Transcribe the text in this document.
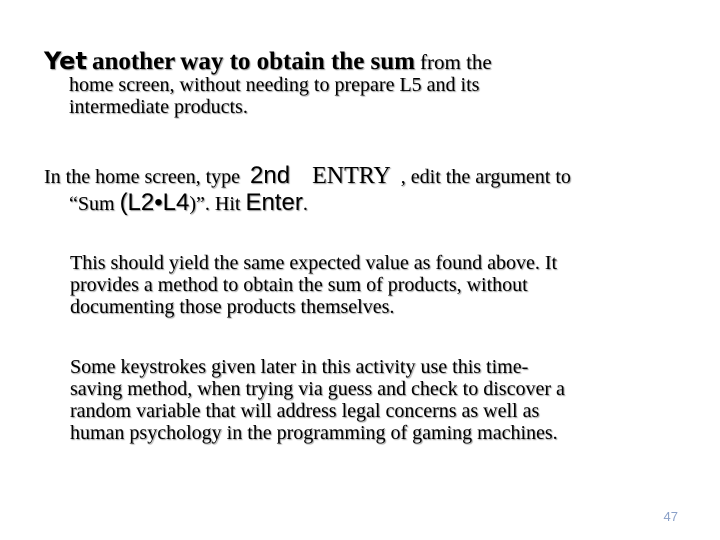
Yet another way to obtain the sum from the
home screen, without needing to prepare L5 and its
intermediate products.
In the home screen, type 2nd ENTRY , edit the argument to
“Sum (L2•L4)”. Hit Enter.
This should yield the same expected value as found above. It
provides a method to obtain the sum of products, without
documenting those products themselves.
Some keystrokes given later in this activity use this time-
saving method, when trying via guess and check to discover a
random variable that will address legal concerns as well as
human psychology in the programming of gaming machines.
47
